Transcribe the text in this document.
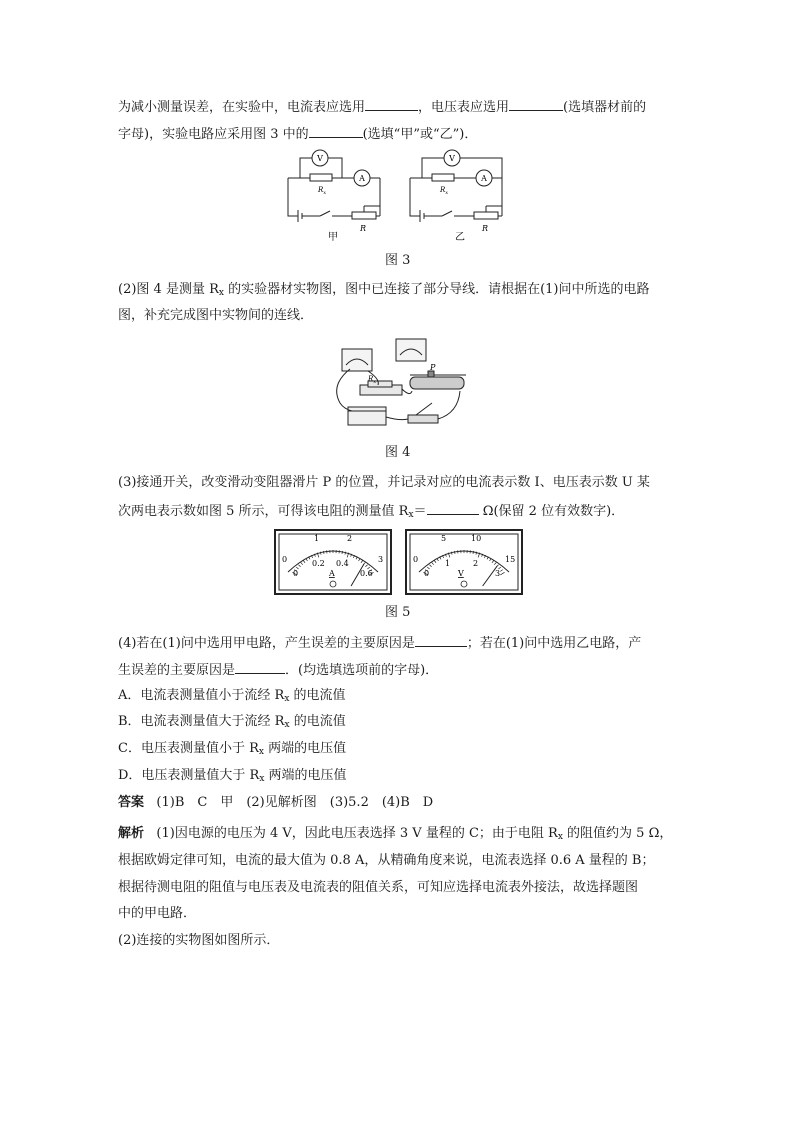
为减小测量误差，在实验中，电流表应选用	，电压表应选用	(选填器材前的
字母)，实验电路应采用图 3 中的	(选填“甲”或“乙”)．
V
A
$R_x$
R
甲
V
A
$R_x$
R
乙
图 3
(2)图 4 是测量 $R_x$ 的实验器材实物图，图中已连接了部分导线．请根据在(1)问中所选的电路
图，补充完成图中实物间的连线．
$R_x$
P
图 4
(3)接通开关，改变滑动变阻器滑片 P 的位置，并记录对应的电流表示数 I、电压表示数 U 某
次两电表示数如图 5 所示，可得该电阻的测量值 $R_x=$	Ω(保留 2 位有效数字)．
0
1	2
3
0
0.2 0.4
0.6
A
0
5	10
15
0
1	2
3
V
图 5
(4)若在(1)问中选用甲电路，产生误差的主要原因是	；若在(1)问中选用乙电路，产
生误差的主要原因是	．(均选填选项前的字母)．
A．电流表测量值小于流经 $R_x$ 的电流值
B．电流表测量值大于流经 $R_x$ 的电流值
C．电压表测量值小于 $R_x$ 两端的电压值
D．电压表测量值大于 $R_x$ 两端的电压值
答案 (1)B　C　甲　(2)见解析图　(3)5.2　(4)B　D
解析 (1)因电源的电压为 4 V，因此电压表选择 3 V 量程的 C；由于电阻 $R_x$ 的阻值约为 5 Ω，
根据欧姆定律可知，电流的最大值为 0.8 A，从精确角度来说，电流表选择 0.6 A 量程的 B；
根据待测电阻的阻值与电压表及电流表的阻值关系，可知应选择电流表外接法，故选择题图
中的甲电路．
(2)连接的实物图如图所示．
